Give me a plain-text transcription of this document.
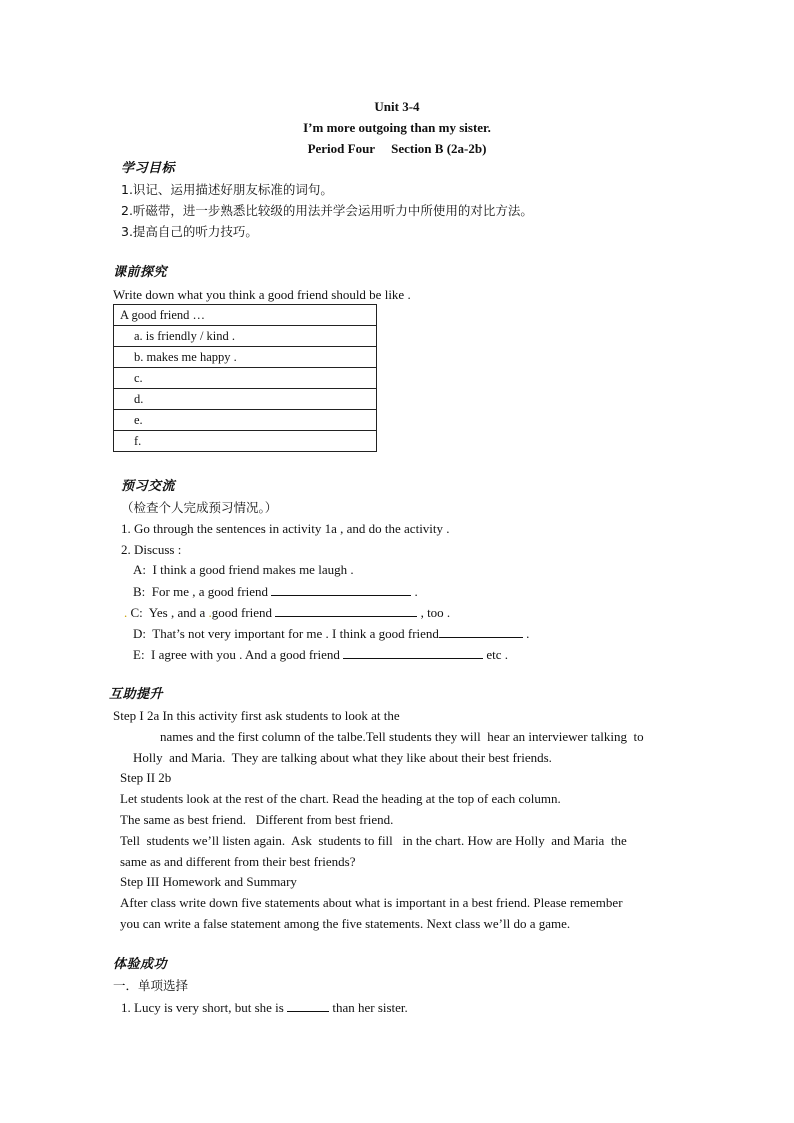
Unit 3-4
I’m more outgoing than my sister.
Period Four     Section B (2a-2b)
学习目标
1.识记、运用描述好朋友标准的词句。
2.听磁带，进一步熟悉比较级的用法并学会运用听力中所使用的对比方法。
3.提高自己的听力技巧。
课前探究
Write down what you think a good friend should be like .
A good friend …
a. is friendly / kind .
b. makes me happy .
c.
d.
e.
f.
预习交流
（检查个人完成预习情况。）
1. Go through the sentences in activity 1a , and do the activity .
2. Discuss :
A:  I think a good friend makes me laugh .
B:  For me , a good friend	.
. C:  Yes , and a .good friend	, too .
D:  That’s not very important for me . I think a good friend	.
E:  I agree with you . And a good friend	etc .
互助提升
Step I 2a In this activity first ask students to look at the
names and the first column of the talbe.Tell students they will  hear an interviewer talking  to
Holly  and Maria.  They are talking about what they like about their best friends.
Step II 2b
Let students look at the rest of the chart. Read the heading at the top of each column.
The same as best friend.   Different from best friend.
Tell  students we’ll listen again.  Ask  students to fill   in the chart. How are Holly  and Maria  the
same as and different from their best friends?
Step III Homework and Summary
After class write down five statements about what is important in a best friend. Please remember
you can write a false statement among the five statements. Next class we’ll do a game.
体验成功
一．单项选择
1. Lucy is very short, but she is	than her sister.
